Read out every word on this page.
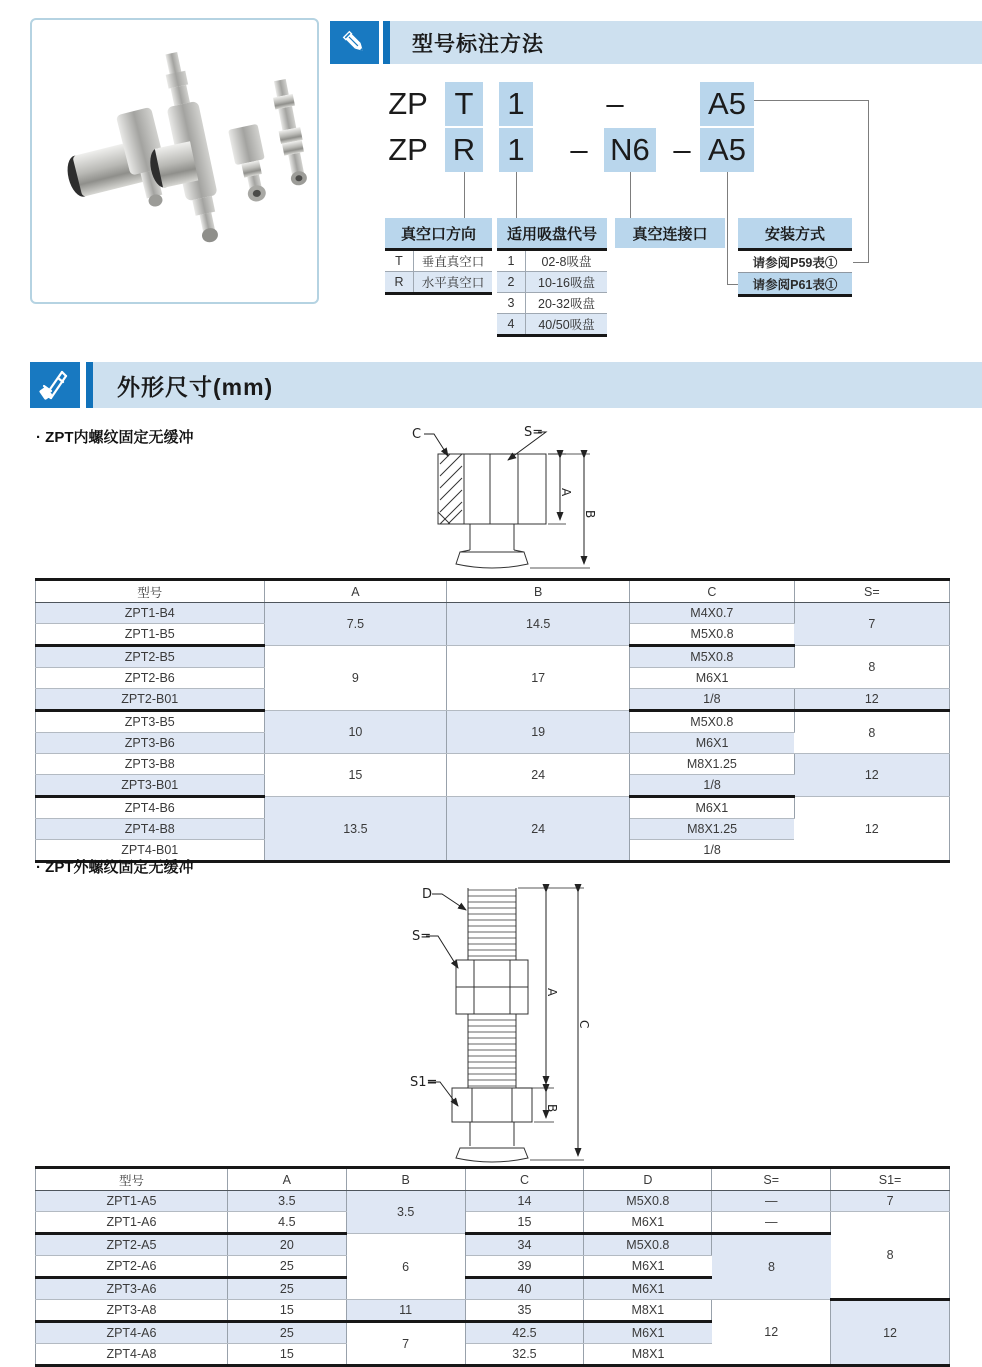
型号标注方法
ZP T	1	–	A5
ZP R 1 – N6 – A5
真空口方向
T	垂直真空口
R	水平真空口
适用吸盘代号
1	02-8吸盘
2	10-16吸盘
3	20-32吸盘
4	40/50吸盘
真空连接口	安装方式
请参阅P59表①
请参阅P61表①
外形尺寸(mm)
· ZPT内螺纹固定无缓冲	C	S=
A
B
型号	A	B	C	S=
ZPT1-B4	7.5	14.5	M4X0.7	7
ZPT1-B5			M5X0.8	
ZPT2-B5	9	17	M5X0.8	8
ZPT2-B6			M6X1	
ZPT2-B01			1/8	12
ZPT3-B5	10	19	M5X0.8	8
ZPT3-B6			M6X1	
ZPT3-B8	15	24	M8X1.25	12
ZPT3-B01			1/8	
ZPT4-B6	13.5	24	M6X1	12
ZPT4-B8			M8X1.25	
ZPT4-B01			1/8	
· ZPT外螺纹固定无缓冲
D
S=
S1=
A
B
C
型号	A	B	C	D	S=	S1=
ZPT1-A5	3.5	3.5	14	M5X0.8	—	7
ZPT1-A6	4.5		15	M6X1	—	8
ZPT2-A5	20	6	34	M5X0.8	8	
ZPT2-A6	25		39	M6X1		
ZPT3-A6	25		40	M6X1		
ZPT3-A8	15	11	35	M8X1	12	12
ZPT4-A6	25	7	42.5	M6X1		
ZPT4-A8	15		32.5	M8X1		
